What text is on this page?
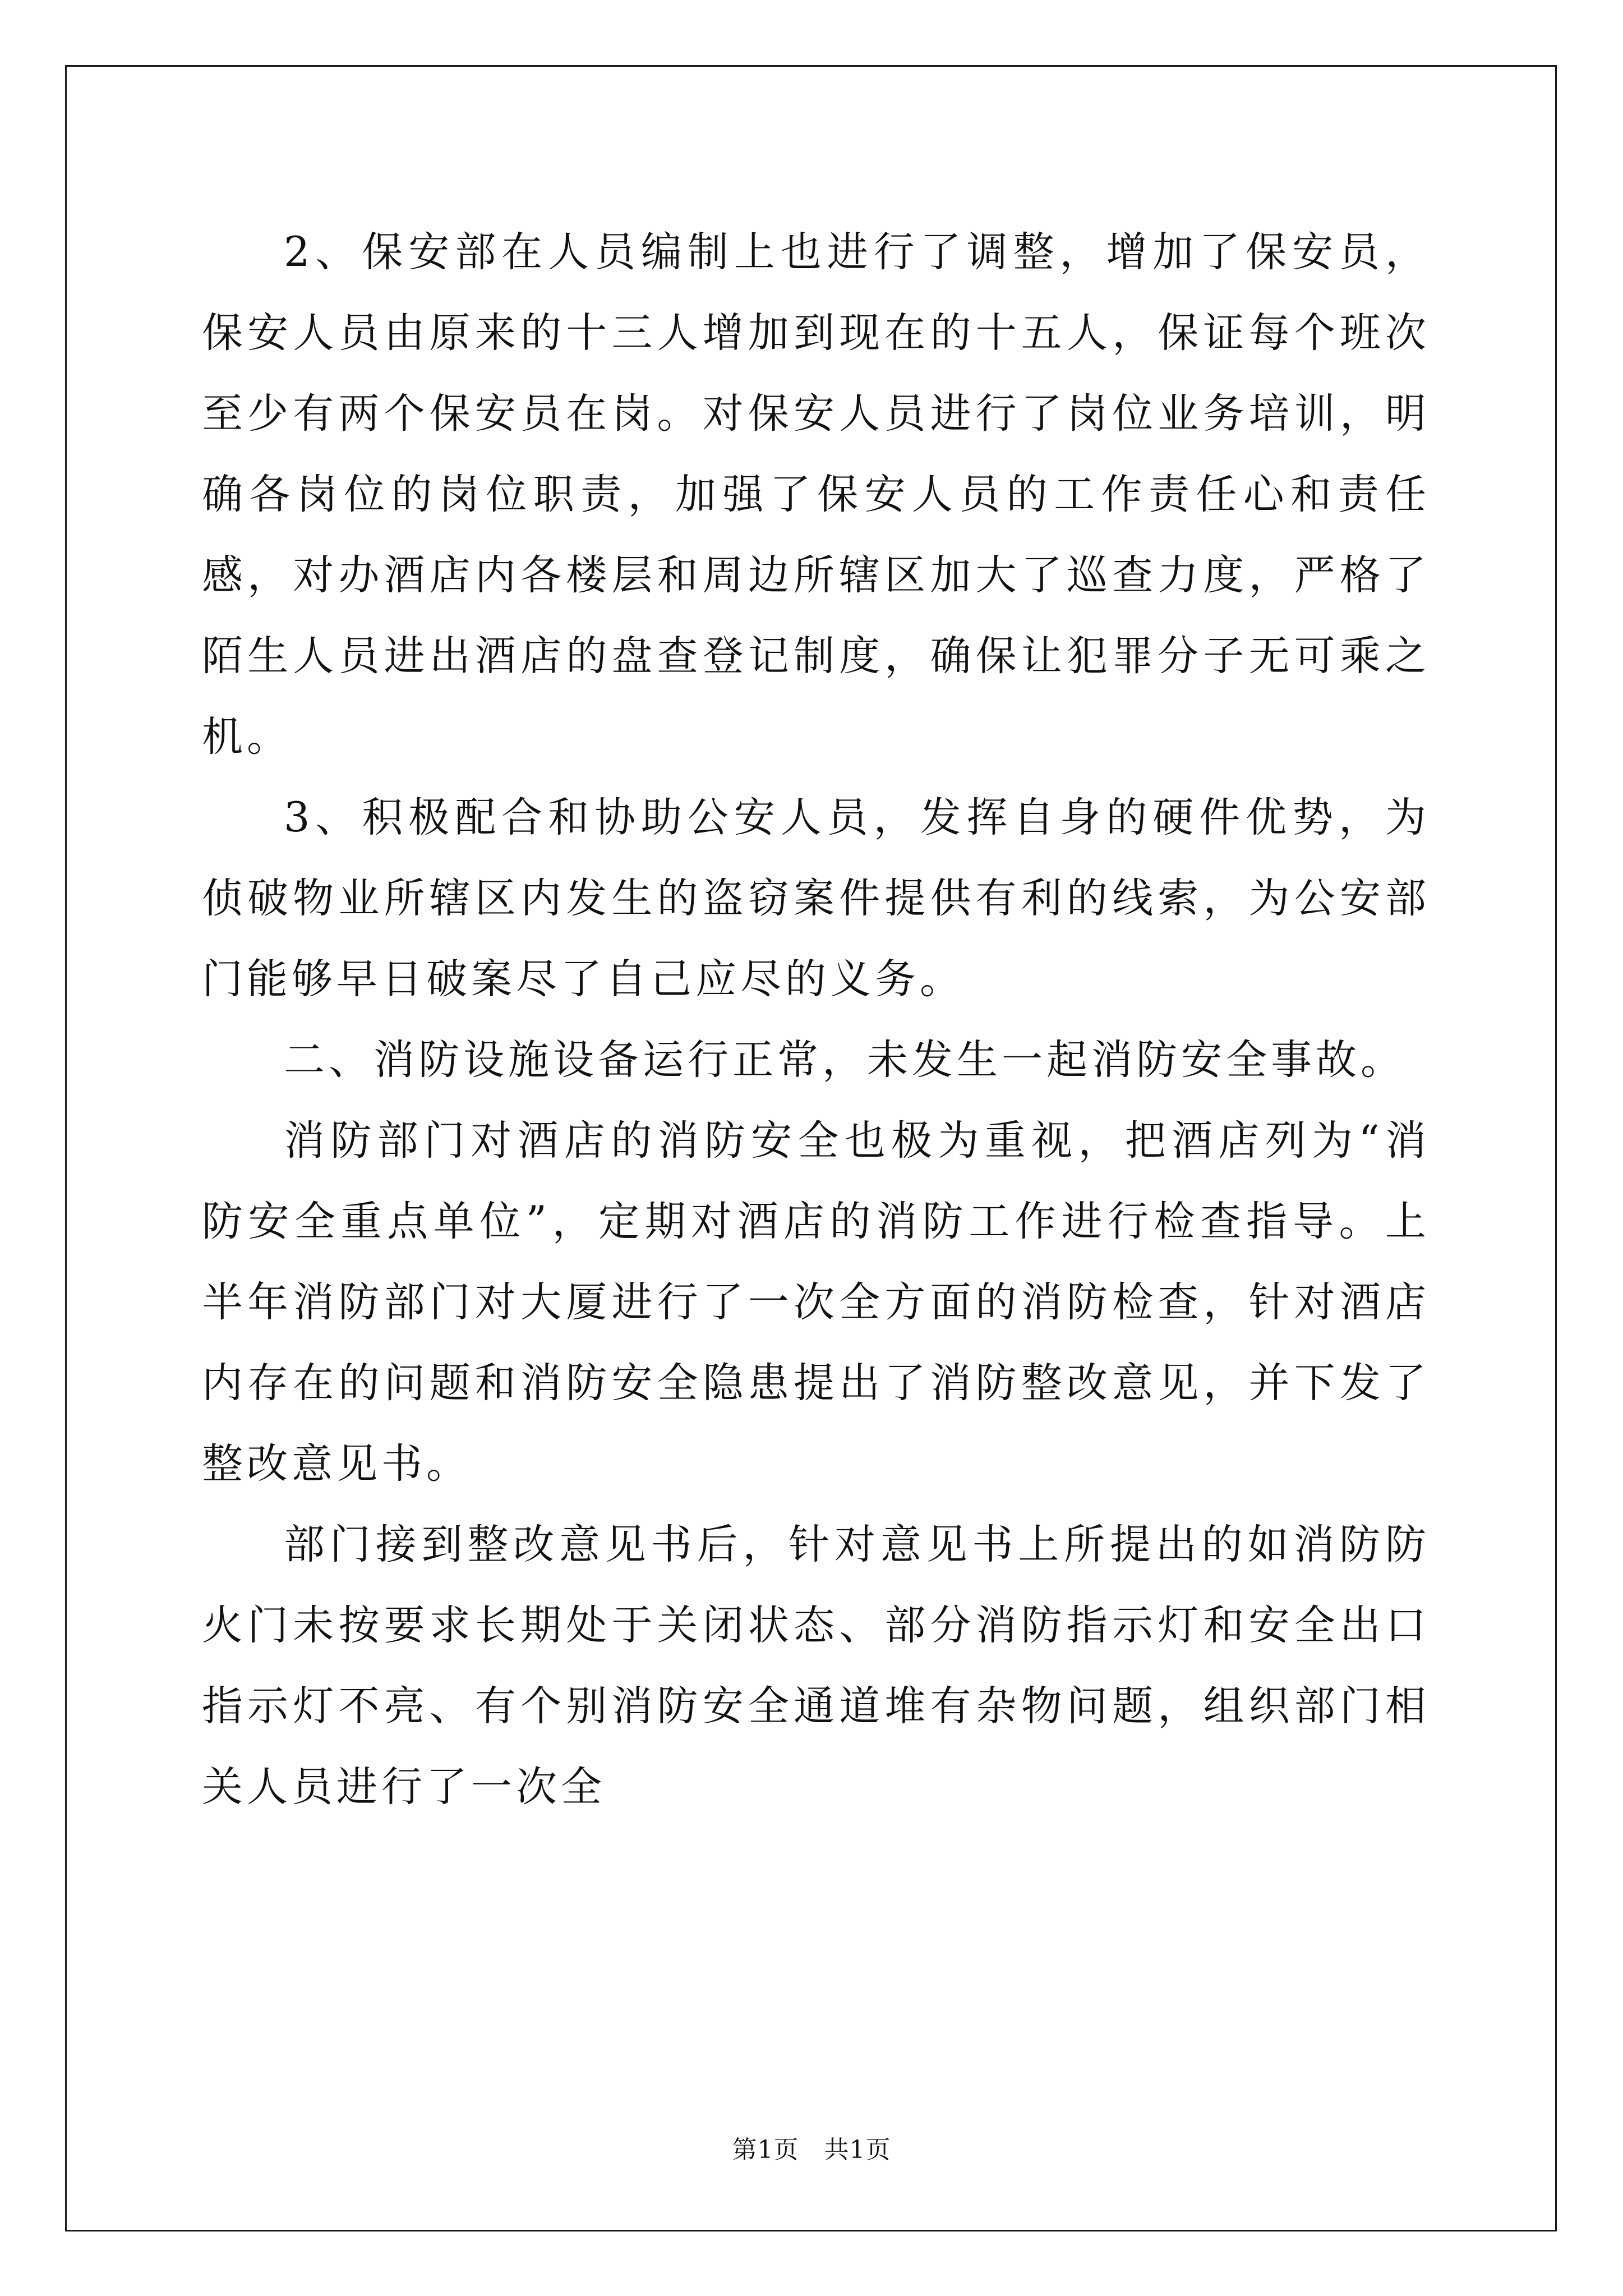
2、保安部在人员编制上也进行了调整，增加了保安员，保安人员由原来的十三人增加到现在的十五人，保证每个班次至少有两个保安员在岗。对保安人员进行了岗位业务培训，明确各岗位的岗位职责，加强了保安人员的工作责任心和责任感，对办酒店内各楼层和周边所辖区加大了巡查力度，严格了陌生人员进出酒店的盘查登记制度，确保让犯罪分子无可乘之机。

3、积极配合和协助公安人员，发挥自身的硬件优势，为侦破物业所辖区内发生的盗窃案件提供有利的线索，为公安部门能够早日破案尽了自己应尽的义务。

二、消防设施设备运行正常，未发生一起消防安全事故。

消防部门对酒店的消防安全也极为重视，把酒店列为“消防安全重点单位”，定期对酒店的消防工作进行检查指导。上半年消防部门对大厦进行了一次全方面的消防检查，针对酒店内存在的问题和消防安全隐患提出了消防整改意见，并下发了整改意见书。

部门接到整改意见书后，针对意见书上所提出的如消防防火门未按要求长期处于关闭状态、部分消防指示灯和安全出口指示灯不亮、有个别消防安全通道堆有杂物问题，组织部门相关人员进行了一次全

第1页　共1页
